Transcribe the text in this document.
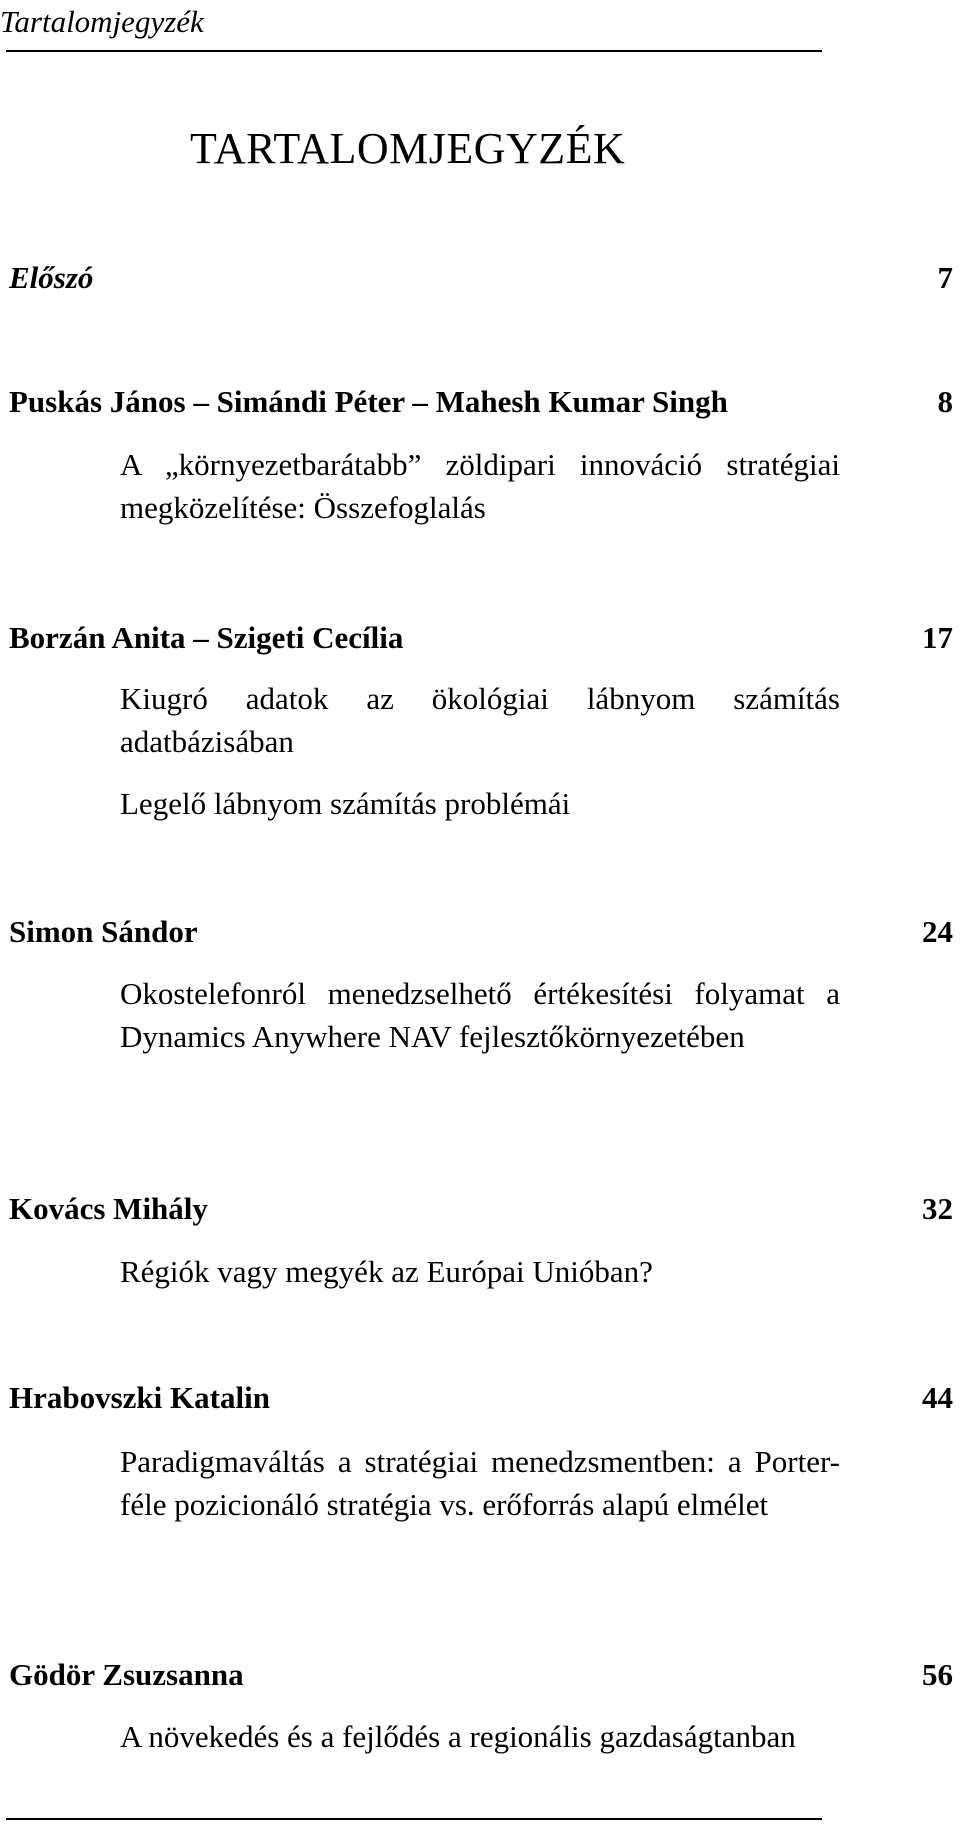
Tartalomjegyzék
TARTALOMJEGYZÉK
Előszó	7
Puskás János – Simándi Péter – Mahesh Kumar Singh	8
A „környezetbarátabb” zöldipari innováció stratégiai megközelítése: Összefoglalás
Borzán Anita – Szigeti Cecília	17
Kiugró adatok az ökológiai lábnyom számítás adatbázisában
Legelő lábnyom számítás problémái
Simon Sándor	24
Okostelefonról menedzselhető értékesítési folyamat a Dynamics Anywhere NAV fejlesztőkörnyezetében
Kovács Mihály	32
Régiók vagy megyék az Európai Unióban?
Hrabovszki Katalin	44
Paradigmaváltás a stratégiai menedzsmentben: a Porter-féle pozicionáló stratégia vs. erőforrás alapú elmélet
Gödör Zsuzsanna	56
A növekedés és a fejlődés a regionális gazdaságtanban
